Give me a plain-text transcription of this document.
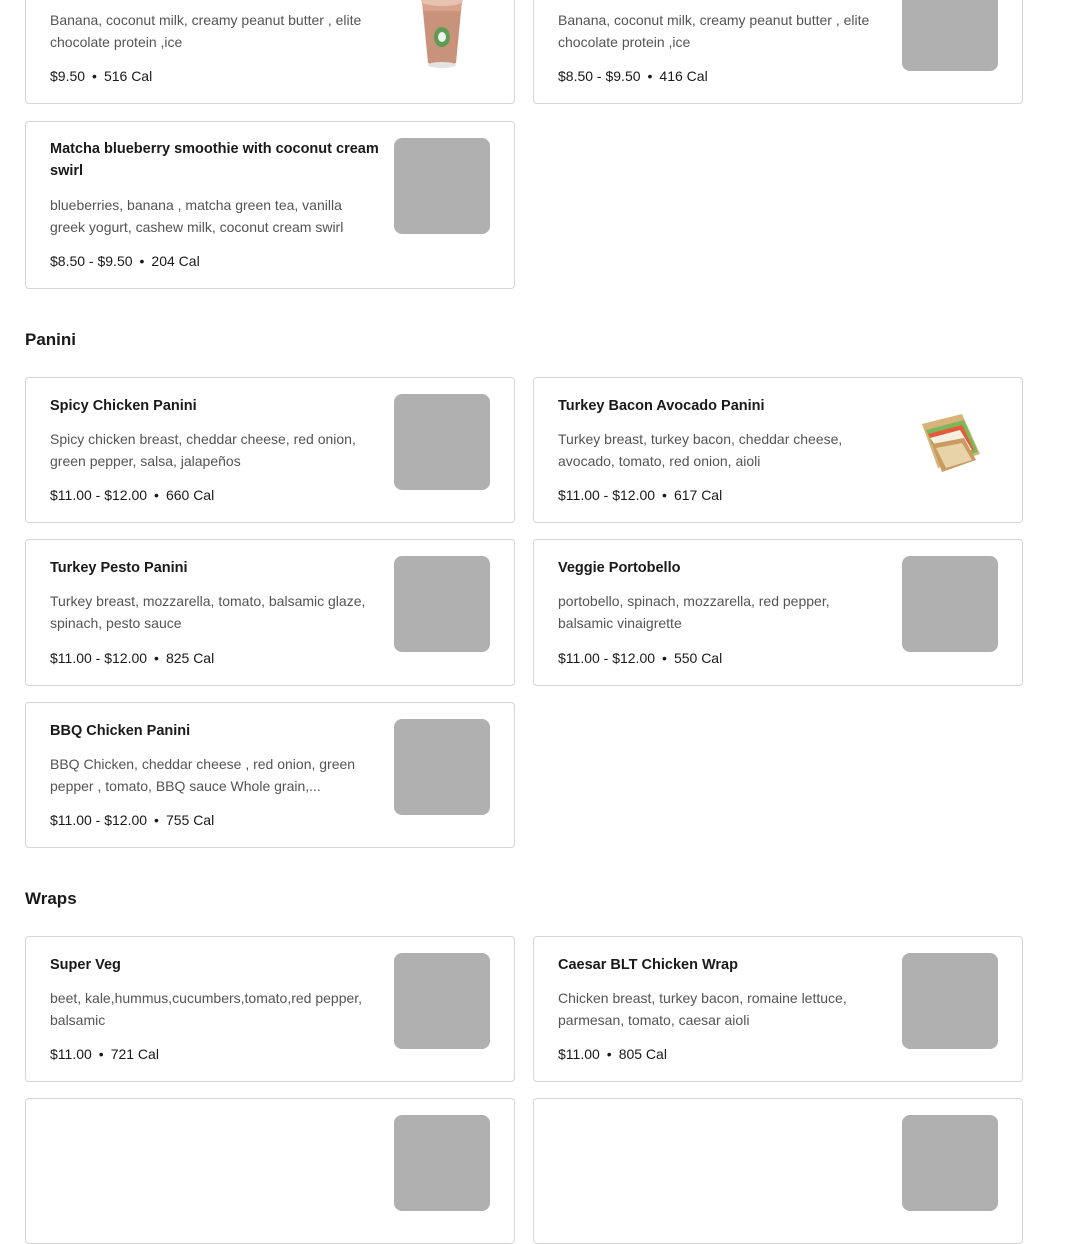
Banana, coconut milk, creamy peanut butter , elite chocolate protein ,ice
$9.50 • 516 Cal
Banana, coconut milk, creamy peanut butter , elite chocolate protein ,ice
$8.50 - $9.50 • 416 Cal
Matcha blueberry smoothie with coconut cream swirl
blueberries, banana , matcha green tea, vanilla greek yogurt, cashew milk, coconut cream swirl
$8.50 - $9.50 • 204 Cal
Panini
Spicy Chicken Panini
Spicy chicken breast, cheddar cheese, red onion, green pepper, salsa, jalapeños
$11.00 - $12.00 • 660 Cal
Turkey Bacon Avocado Panini
Turkey breast, turkey bacon, cheddar cheese, avocado, tomato, red onion, aioli
$11.00 - $12.00 • 617 Cal
Turkey Pesto Panini
Turkey breast, mozzarella, tomato, balsamic glaze, spinach, pesto sauce
$11.00 - $12.00 • 825 Cal
Veggie Portobello
portobello, spinach, mozzarella, red pepper, balsamic vinaigrette
$11.00 - $12.00 • 550 Cal
BBQ Chicken Panini
BBQ Chicken, cheddar cheese , red onion, green pepper , tomato, BBQ sauce Whole grain,...
$11.00 - $12.00 • 755 Cal
Wraps
Super Veg
beet, kale,hummus,cucumbers,tomato,red pepper, balsamic
$11.00 • 721 Cal
Caesar BLT Chicken Wrap
Chicken breast, turkey bacon, romaine lettuce, parmesan, tomato, caesar aioli
$11.00 • 805 Cal
